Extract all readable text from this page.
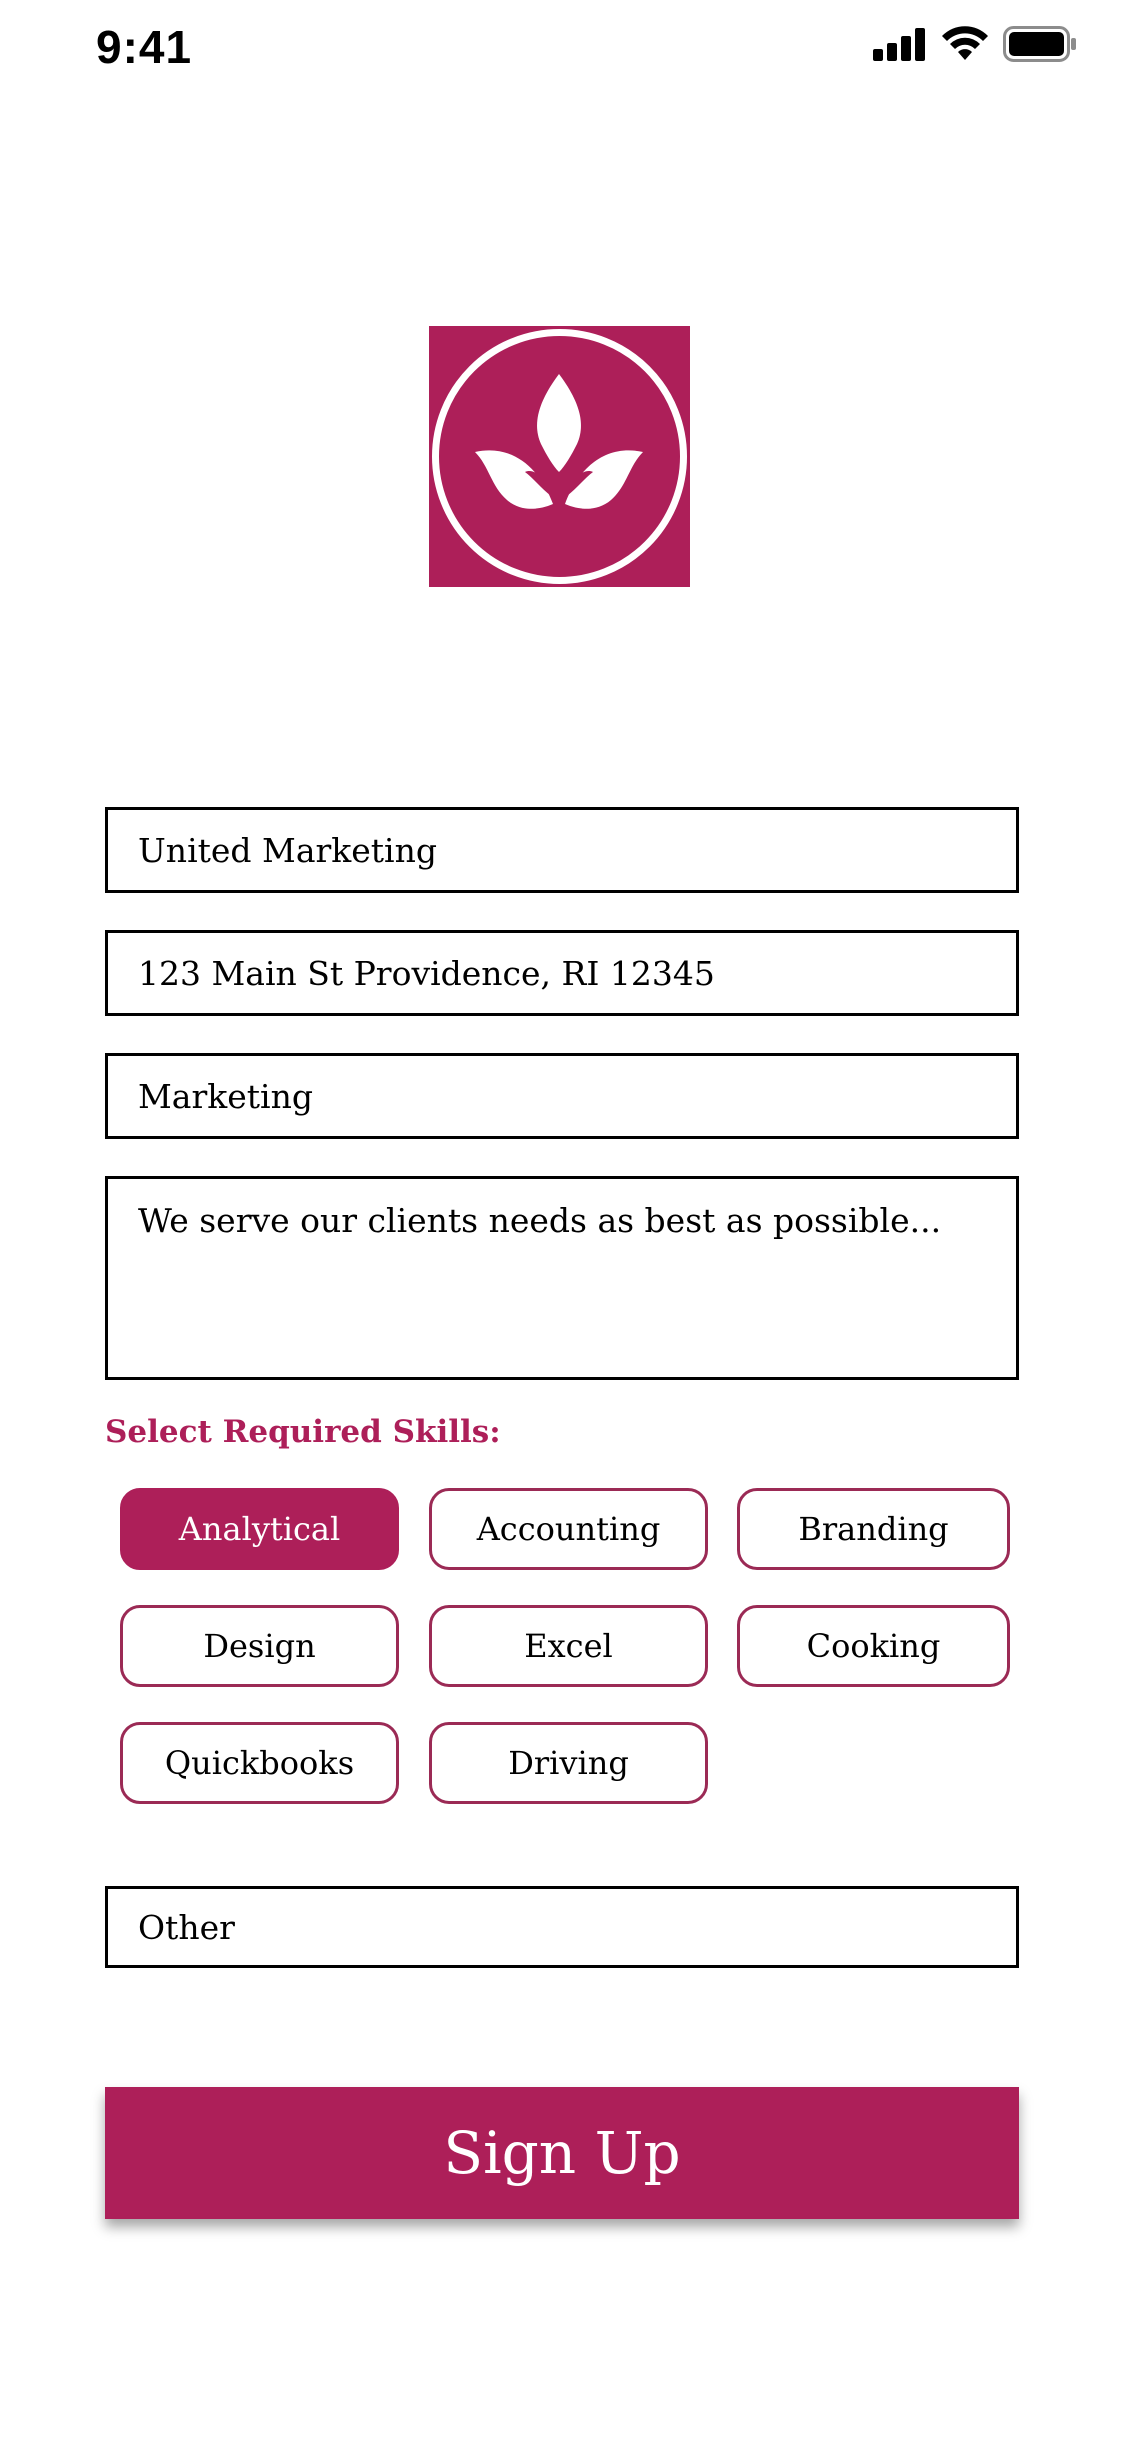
9:41
United Marketing
123 Main St Providence, RI 12345
Marketing
We serve our clients needs as best as possible...
Select Required Skills:
Analytical	Accounting	Branding
Design	Excel	Cooking
Quickbooks	Driving
Other
Sign Up
